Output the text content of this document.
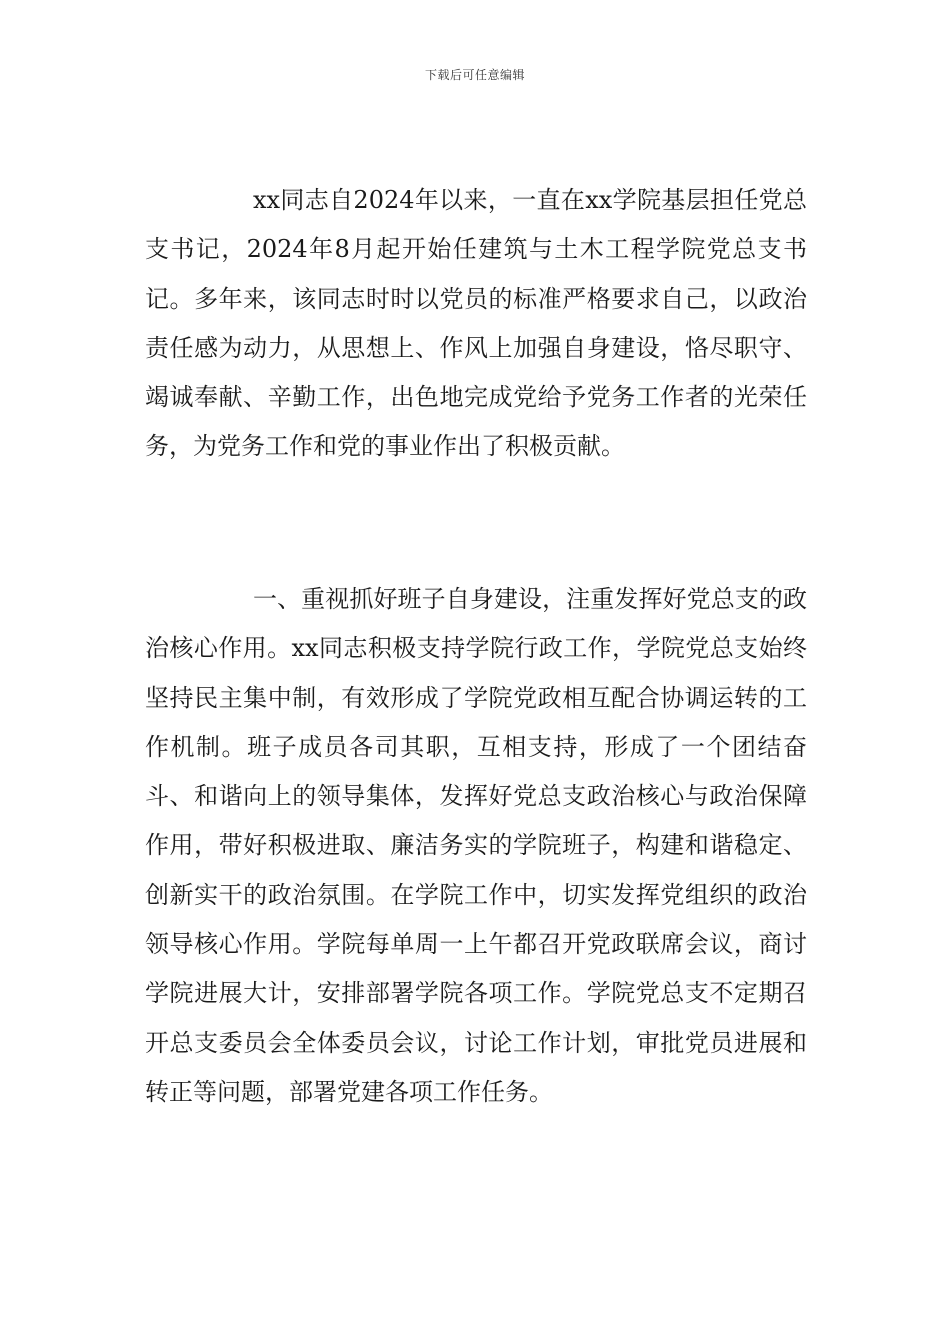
下载后可任意编辑

xx同志自2024年以来，一直在xx学院基层担任党总支书记，2024年8月起开始任建筑与土木工程学院党总支书记。多年来，该同志时时以党员的标准严格要求自己，以政治责任感为动力，从思想上、作风上加强自身建设，恪尽职守、竭诚奉献、辛勤工作，出色地完成党给予党务工作者的光荣任务，为党务工作和党的事业作出了积极贡献。

一、重视抓好班子自身建设，注重发挥好党总支的政治核心作用。xx同志积极支持学院行政工作，学院党总支始终坚持民主集中制，有效形成了学院党政相互配合协调运转的工作机制。班子成员各司其职，互相支持，形成了一个团结奋斗、和谐向上的领导集体，发挥好党总支政治核心与政治保障作用，带好积极进取、廉洁务实的学院班子，构建和谐稳定、创新实干的政治氛围。在学院工作中，切实发挥党组织的政治领导核心作用。学院每单周一上午都召开党政联席会议，商讨学院进展大计，安排部署学院各项工作。学院党总支不定期召开总支委员会全体委员会议，讨论工作计划，审批党员进展和转正等问题，部署党建各项工作任务。
